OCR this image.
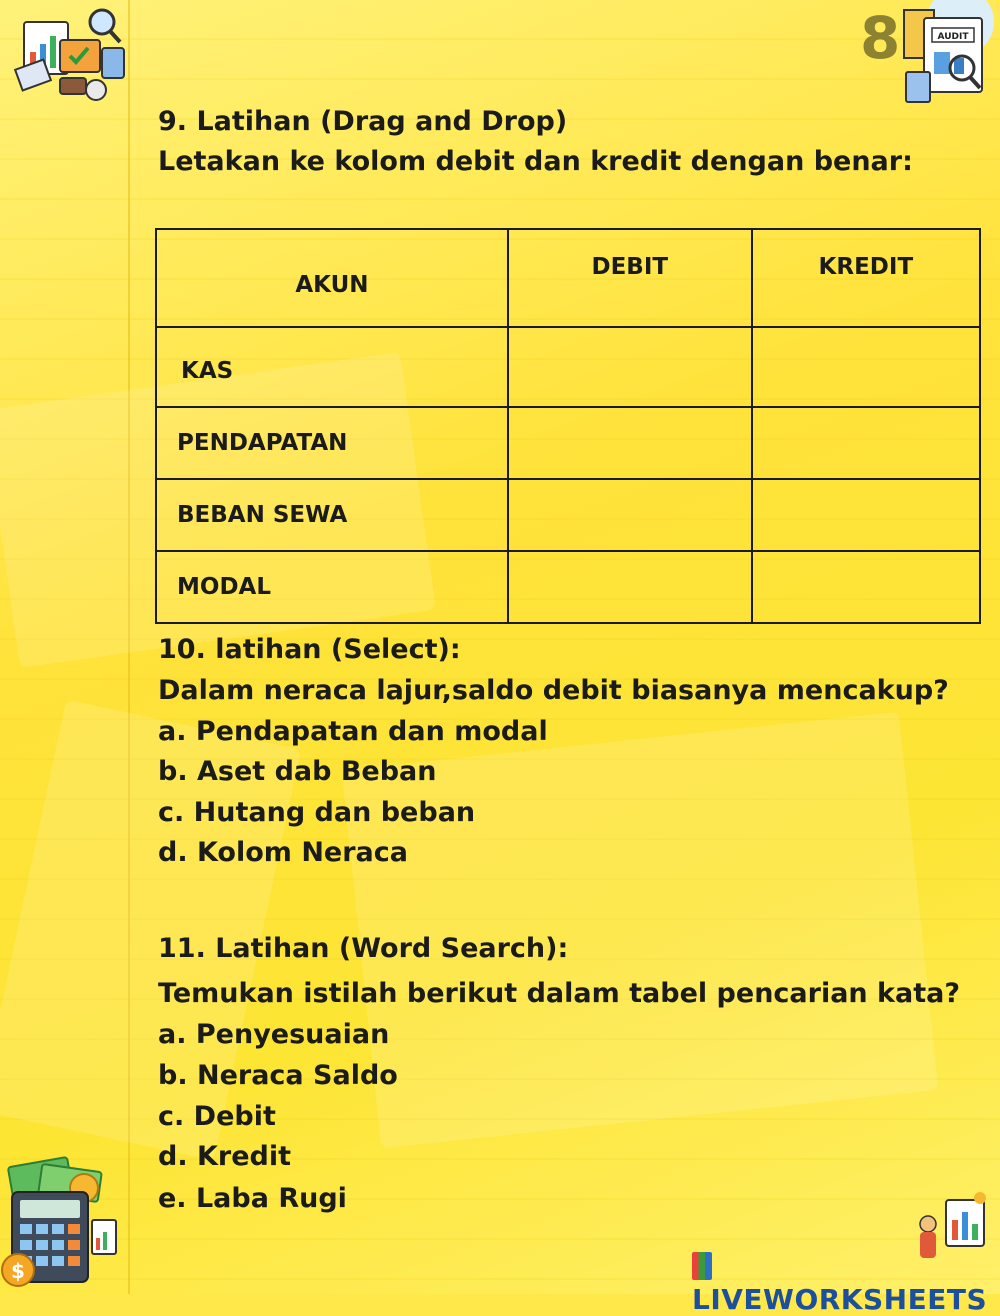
8	AUDIT
9. Latihan (Drag and Drop)
Letakan ke kolom debit dan kredit dengan benar:
AKUN	DEBIT	KREDIT
KAS		
PENDAPATAN		
BEBAN SEWA		
MODAL		
10. latihan (Select):
Dalam neraca lajur,saldo debit biasanya mencakup?
a. Pendapatan dan modal
b. Aset dab Beban
c. Hutang dan beban
d. Kolom Neraca
11. Latihan (Word Search):
Temukan istilah berikut dalam tabel pencarian kata?
a. Penyesuaian
b. Neraca Saldo
c. Debit
d. Kredit
e. Laba Rugi
$
LIVEWORKSHEETS
